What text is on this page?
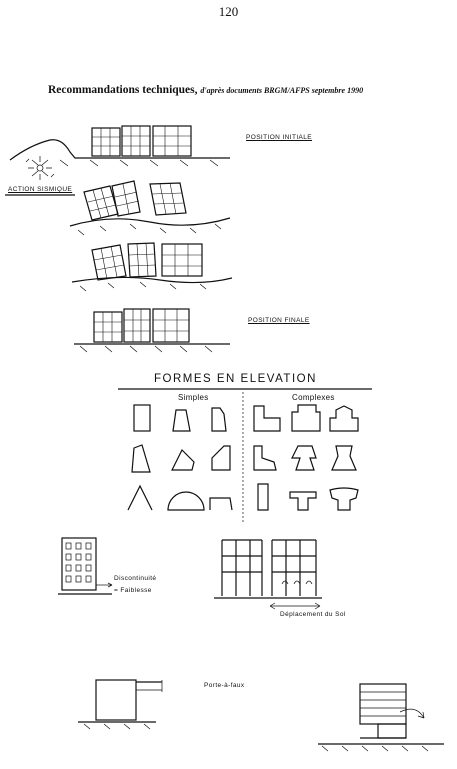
120
Recommandations techniques, d'après documents BRGM/AFPS septembre 1990
POSITION INITIALE
ACTION SISMIQUE
POSITION FINALE
FORMES EN ELEVATION
Simples	Complexes
Discontinuité
= Faiblesse
Déplacement du Sol
Porte-à-faux
